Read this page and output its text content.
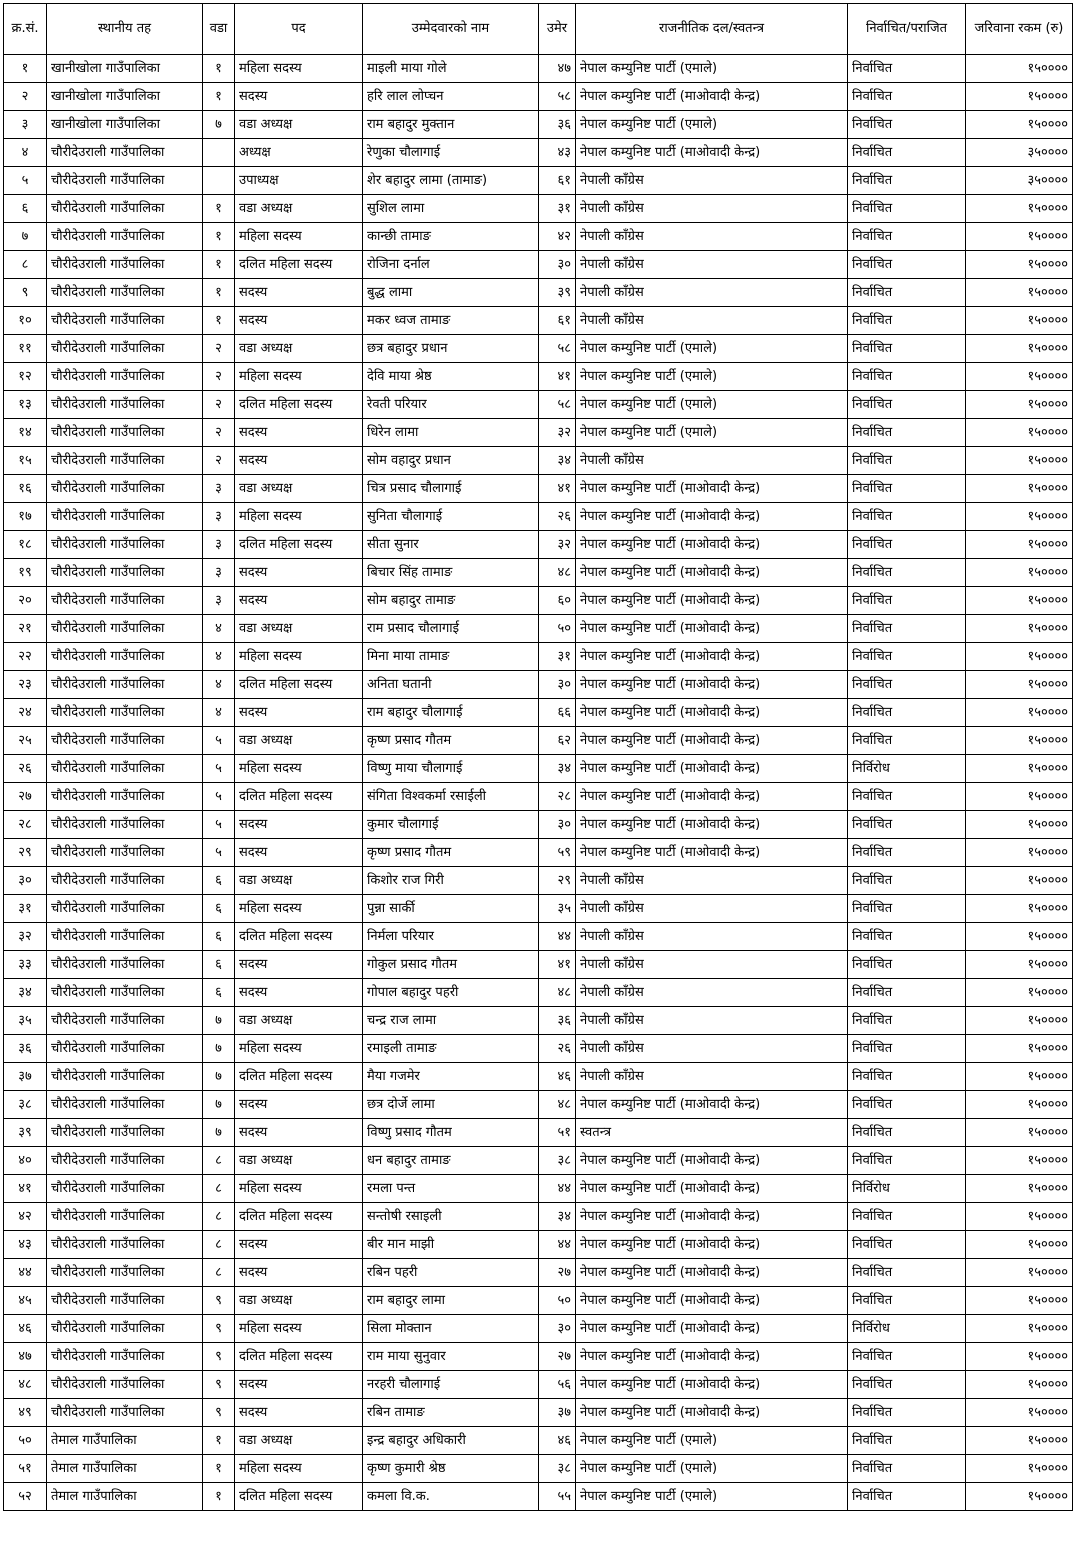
क्र.सं.	स्थानीय तह	वडा	पद	उम्मेदवारको नाम	उमेर	राजनीतिक दल/स्वतन्त्र	निर्वाचित/पराजित	जरिवाना रकम (रु)
१	खानीखोला गाउँपालिका	१	महिला सदस्य	माइली माया गोले	४७	नेपाल कम्युनिष्ट पार्टी (एमाले)	निर्वाचित	१५००००
२	खानीखोला गाउँपालिका	१	सदस्य	हरि लाल लोप्चन	५८	नेपाल कम्युनिष्ट पार्टी (माओवादी केन्द्र)	निर्वाचित	१५००००
३	खानीखोला गाउँपालिका	७	वडा अध्यक्ष	राम बहादुर मुक्तान	३६	नेपाल कम्युनिष्ट पार्टी (एमाले)	निर्वाचित	१५००००
४	चौरीदेउराली गाउँपालिका		अध्यक्ष	रेणुका चौलागाई	४३	नेपाल कम्युनिष्ट पार्टी (माओवादी केन्द्र)	निर्वाचित	३५००००
५	चौरीदेउराली गाउँपालिका		उपाध्यक्ष	शेर बहादुर लामा (तामाङ)	६१	नेपाली काँग्रेस	निर्वाचित	३५००००
६	चौरीदेउराली गाउँपालिका	१	वडा अध्यक्ष	सुशिल लामा	३१	नेपाली काँग्रेस	निर्वाचित	१५००००
७	चौरीदेउराली गाउँपालिका	१	महिला सदस्य	कान्छी तामाङ	४२	नेपाली काँग्रेस	निर्वाचित	१५००००
८	चौरीदेउराली गाउँपालिका	१	दलित महिला सदस्य	रोजिना दर्नाल	३०	नेपाली काँग्रेस	निर्वाचित	१५००००
९	चौरीदेउराली गाउँपालिका	१	सदस्य	बुद्ध लामा	३९	नेपाली काँग्रेस	निर्वाचित	१५००००
१०	चौरीदेउराली गाउँपालिका	१	सदस्य	मकर ध्वज तामाङ	६१	नेपाली काँग्रेस	निर्वाचित	१५००००
११	चौरीदेउराली गाउँपालिका	२	वडा अध्यक्ष	छत्र बहादुर प्रधान	५८	नेपाल कम्युनिष्ट पार्टी (एमाले)	निर्वाचित	१५००००
१२	चौरीदेउराली गाउँपालिका	२	महिला सदस्य	देवि माया श्रेष्ठ	४१	नेपाल कम्युनिष्ट पार्टी (एमाले)	निर्वाचित	१५००००
१३	चौरीदेउराली गाउँपालिका	२	दलित महिला सदस्य	रेवती परियार	५८	नेपाल कम्युनिष्ट पार्टी (एमाले)	निर्वाचित	१५००००
१४	चौरीदेउराली गाउँपालिका	२	सदस्य	धिरेन लामा	३२	नेपाल कम्युनिष्ट पार्टी (एमाले)	निर्वाचित	१५००००
१५	चौरीदेउराली गाउँपालिका	२	सदस्य	सोम वहादुर प्रधान	३४	नेपाली काँग्रेस	निर्वाचित	१५००००
१६	चौरीदेउराली गाउँपालिका	३	वडा अध्यक्ष	चित्र प्रसाद चौलागाई	४१	नेपाल कम्युनिष्ट पार्टी (माओवादी केन्द्र)	निर्वाचित	१५००००
१७	चौरीदेउराली गाउँपालिका	३	महिला सदस्य	सुनिता चौलागाई	२६	नेपाल कम्युनिष्ट पार्टी (माओवादी केन्द्र)	निर्वाचित	१५००००
१८	चौरीदेउराली गाउँपालिका	३	दलित महिला सदस्य	सीता सुनार	३२	नेपाल कम्युनिष्ट पार्टी (माओवादी केन्द्र)	निर्वाचित	१५००००
१९	चौरीदेउराली गाउँपालिका	३	सदस्य	बिचार सिंह तामाङ	४८	नेपाल कम्युनिष्ट पार्टी (माओवादी केन्द्र)	निर्वाचित	१५००००
२०	चौरीदेउराली गाउँपालिका	३	सदस्य	सोम बहादुर तामाङ	६०	नेपाल कम्युनिष्ट पार्टी (माओवादी केन्द्र)	निर्वाचित	१५००००
२१	चौरीदेउराली गाउँपालिका	४	वडा अध्यक्ष	राम प्रसाद चौलागाई	५०	नेपाल कम्युनिष्ट पार्टी (माओवादी केन्द्र)	निर्वाचित	१५००००
२२	चौरीदेउराली गाउँपालिका	४	महिला सदस्य	मिना माया तामाङ	३१	नेपाल कम्युनिष्ट पार्टी (माओवादी केन्द्र)	निर्वाचित	१५००००
२३	चौरीदेउराली गाउँपालिका	४	दलित महिला सदस्य	अनिता घतानी	३०	नेपाल कम्युनिष्ट पार्टी (माओवादी केन्द्र)	निर्वाचित	१५००००
२४	चौरीदेउराली गाउँपालिका	४	सदस्य	राम बहादुर चौलागाई	६६	नेपाल कम्युनिष्ट पार्टी (माओवादी केन्द्र)	निर्वाचित	१५००००
२५	चौरीदेउराली गाउँपालिका	५	वडा अध्यक्ष	कृष्ण प्रसाद गौतम	६२	नेपाल कम्युनिष्ट पार्टी (माओवादी केन्द्र)	निर्वाचित	१५००००
२६	चौरीदेउराली गाउँपालिका	५	महिला सदस्य	विष्णु माया चौलागाई	३४	नेपाल कम्युनिष्ट पार्टी (माओवादी केन्द्र)	निर्विरोध	१५००००
२७	चौरीदेउराली गाउँपालिका	५	दलित महिला सदस्य	संगिता विश्वकर्मा रसाईली	२८	नेपाल कम्युनिष्ट पार्टी (माओवादी केन्द्र)	निर्वाचित	१५००००
२८	चौरीदेउराली गाउँपालिका	५	सदस्य	कुमार चौलागाई	३०	नेपाल कम्युनिष्ट पार्टी (माओवादी केन्द्र)	निर्वाचित	१५००००
२९	चौरीदेउराली गाउँपालिका	५	सदस्य	कृष्ण प्रसाद गौतम	५९	नेपाल कम्युनिष्ट पार्टी (माओवादी केन्द्र)	निर्वाचित	१५००००
३०	चौरीदेउराली गाउँपालिका	६	वडा अध्यक्ष	किशोर राज गिरी	२९	नेपाली काँग्रेस	निर्वाचित	१५००००
३१	चौरीदेउराली गाउँपालिका	६	महिला सदस्य	पुन्ना सार्की	३५	नेपाली काँग्रेस	निर्वाचित	१५००००
३२	चौरीदेउराली गाउँपालिका	६	दलित महिला सदस्य	निर्मला परियार	४४	नेपाली काँग्रेस	निर्वाचित	१५००००
३३	चौरीदेउराली गाउँपालिका	६	सदस्य	गोकुल प्रसाद गौतम	४१	नेपाली काँग्रेस	निर्वाचित	१५००००
३४	चौरीदेउराली गाउँपालिका	६	सदस्य	गोपाल बहादुर पहरी	४८	नेपाली काँग्रेस	निर्वाचित	१५००००
३५	चौरीदेउराली गाउँपालिका	७	वडा अध्यक्ष	चन्द्र राज लामा	३६	नेपाली काँग्रेस	निर्वाचित	१५००००
३६	चौरीदेउराली गाउँपालिका	७	महिला सदस्य	रमाइली तामाङ	२६	नेपाली काँग्रेस	निर्वाचित	१५००००
३७	चौरीदेउराली गाउँपालिका	७	दलित महिला सदस्य	मैया गजमेर	४६	नेपाली काँग्रेस	निर्वाचित	१५००००
३८	चौरीदेउराली गाउँपालिका	७	सदस्य	छत्र दोर्जे लामा	४८	नेपाल कम्युनिष्ट पार्टी (माओवादी केन्द्र)	निर्वाचित	१५००००
३९	चौरीदेउराली गाउँपालिका	७	सदस्य	विष्णु प्रसाद गौतम	५१	स्वतन्त्र	निर्वाचित	१५००००
४०	चौरीदेउराली गाउँपालिका	८	वडा अध्यक्ष	धन बहादुर तामाङ	३८	नेपाल कम्युनिष्ट पार्टी (माओवादी केन्द्र)	निर्वाचित	१५००००
४१	चौरीदेउराली गाउँपालिका	८	महिला सदस्य	रमला पन्त	४४	नेपाल कम्युनिष्ट पार्टी (माओवादी केन्द्र)	निर्विरोध	१५००००
४२	चौरीदेउराली गाउँपालिका	८	दलित महिला सदस्य	सन्तोषी रसाइली	३४	नेपाल कम्युनिष्ट पार्टी (माओवादी केन्द्र)	निर्वाचित	१५००००
४३	चौरीदेउराली गाउँपालिका	८	सदस्य	बीर मान माझी	४४	नेपाल कम्युनिष्ट पार्टी (माओवादी केन्द्र)	निर्वाचित	१५००००
४४	चौरीदेउराली गाउँपालिका	८	सदस्य	रबिन पहरी	२७	नेपाल कम्युनिष्ट पार्टी (माओवादी केन्द्र)	निर्वाचित	१५००००
४५	चौरीदेउराली गाउँपालिका	९	वडा अध्यक्ष	राम बहादुर लामा	५०	नेपाल कम्युनिष्ट पार्टी (माओवादी केन्द्र)	निर्वाचित	१५००००
४६	चौरीदेउराली गाउँपालिका	९	महिला सदस्य	सिला मोक्तान	३०	नेपाल कम्युनिष्ट पार्टी (माओवादी केन्द्र)	निर्विरोध	१५००००
४७	चौरीदेउराली गाउँपालिका	९	दलित महिला सदस्य	राम माया सुनुवार	२७	नेपाल कम्युनिष्ट पार्टी (माओवादी केन्द्र)	निर्वाचित	१५००००
४८	चौरीदेउराली गाउँपालिका	९	सदस्य	नरहरी चौलागाई	५६	नेपाल कम्युनिष्ट पार्टी (माओवादी केन्द्र)	निर्वाचित	१५००००
४९	चौरीदेउराली गाउँपालिका	९	सदस्य	रबिन तामाङ	३७	नेपाल कम्युनिष्ट पार्टी (माओवादी केन्द्र)	निर्वाचित	१५००००
५०	तेमाल गाउँपालिका	१	वडा अध्यक्ष	इन्द्र बहादुर अधिकारी	४६	नेपाल कम्युनिष्ट पार्टी (एमाले)	निर्वाचित	१५००००
५१	तेमाल गाउँपालिका	१	महिला सदस्य	कृष्ण कुमारी श्रेष्ठ	३८	नेपाल कम्युनिष्ट पार्टी (एमाले)	निर्वाचित	१५००००
५२	तेमाल गाउँपालिका	१	दलित महिला सदस्य	कमला वि.क.	५५	नेपाल कम्युनिष्ट पार्टी (एमाले)	निर्वाचित	१५००००
